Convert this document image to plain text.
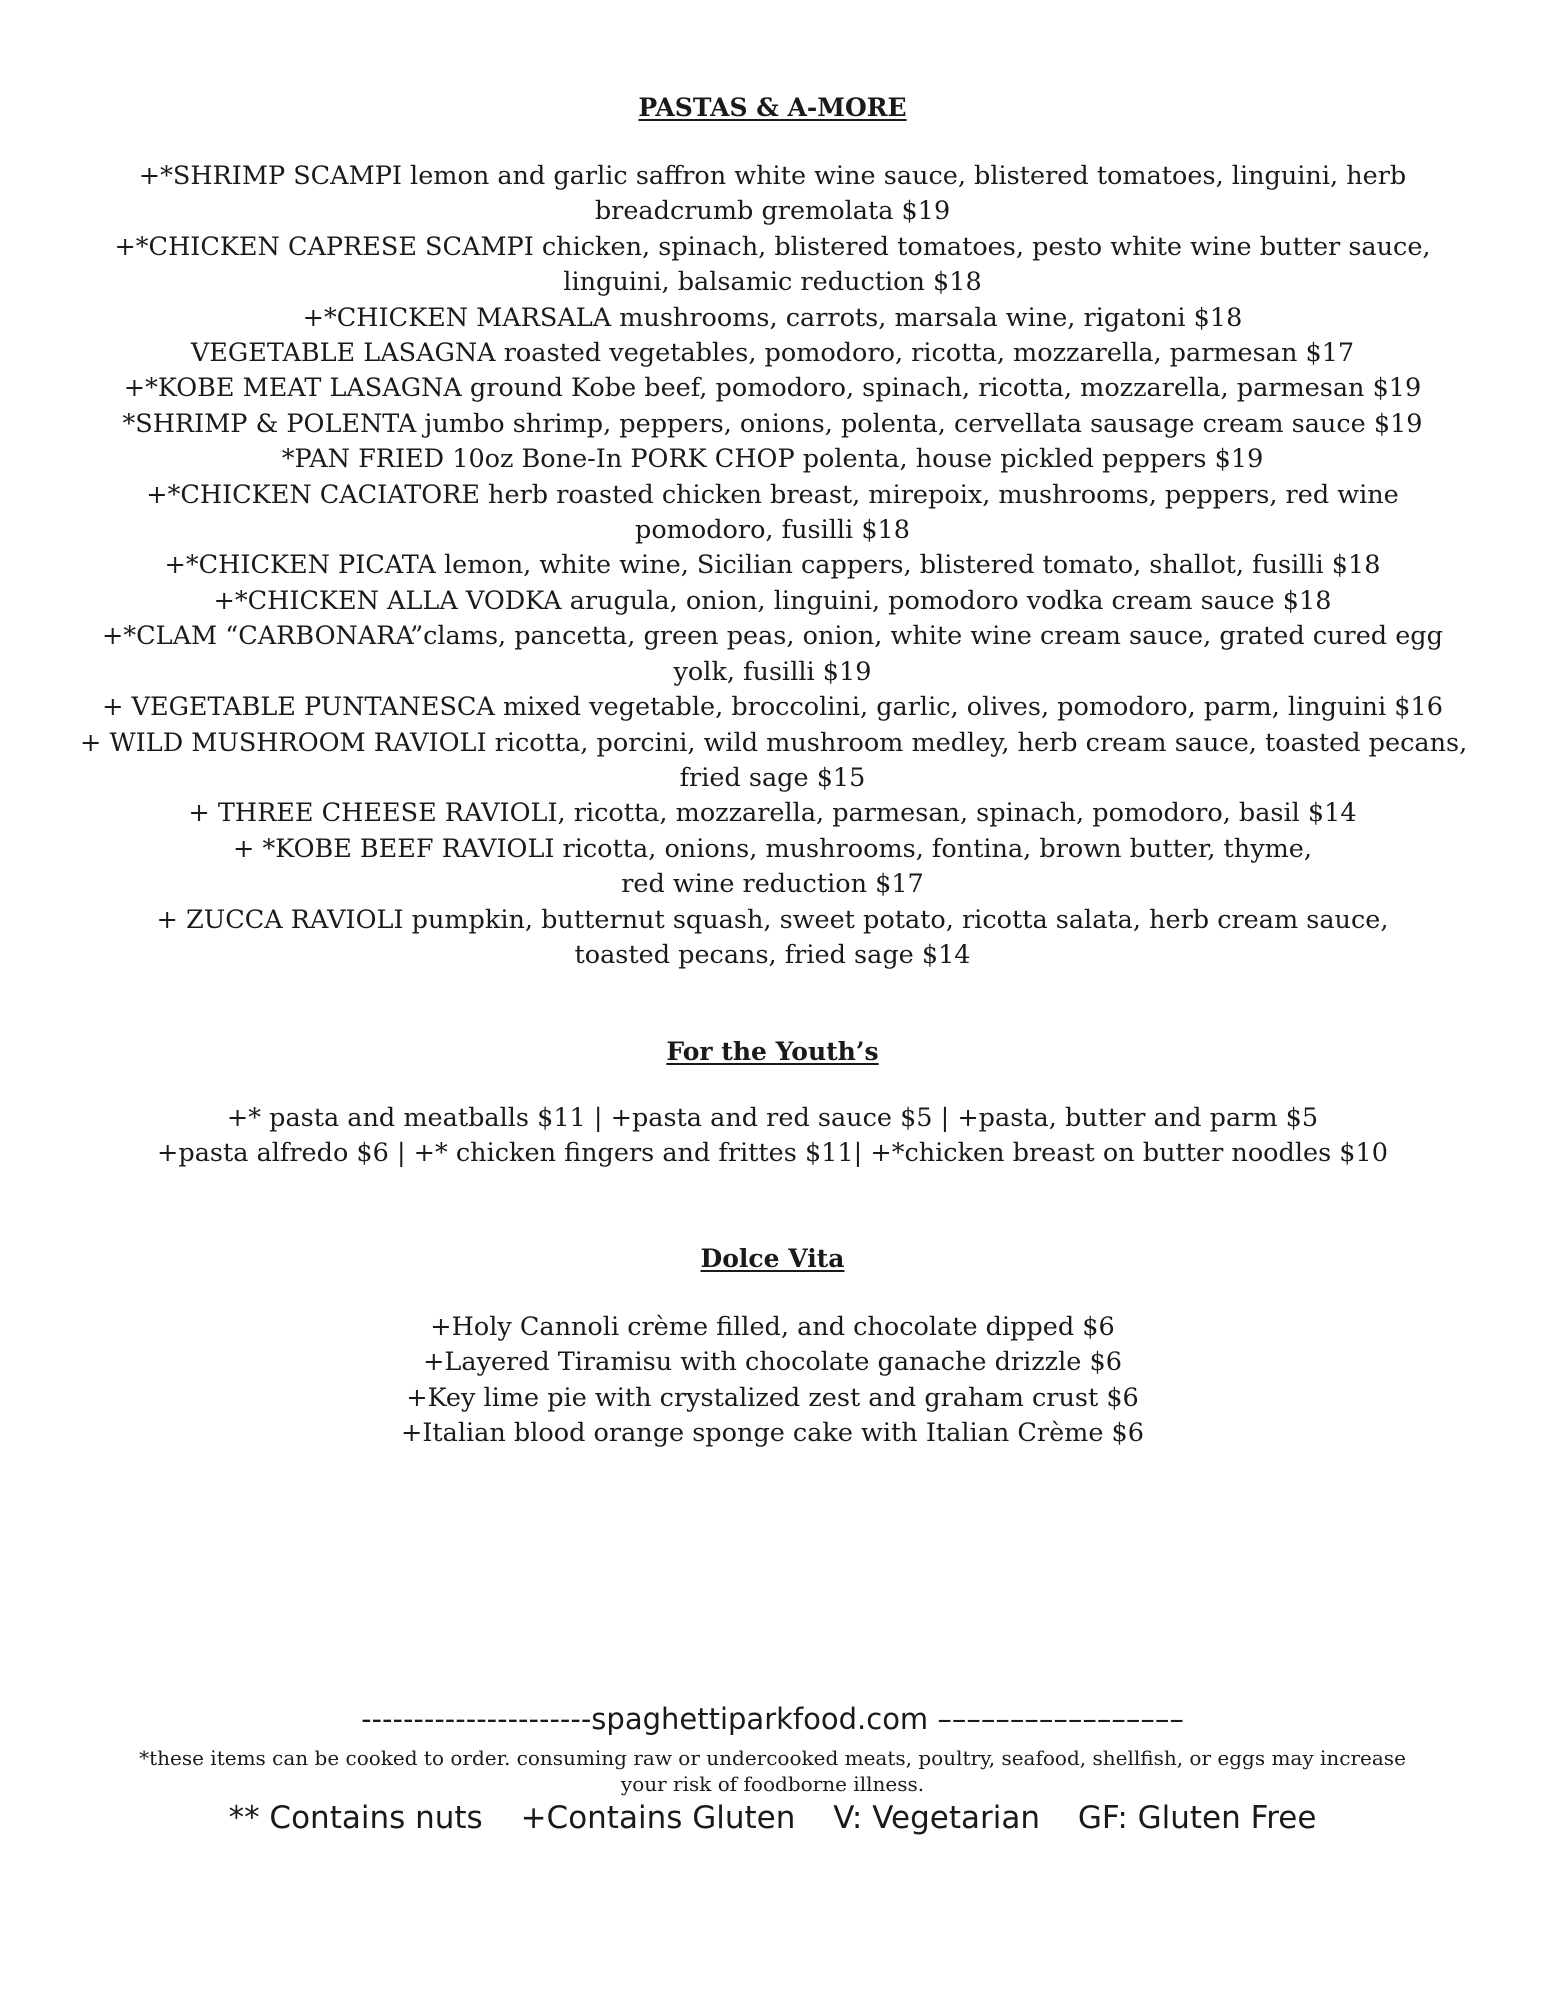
PASTAS & A-MORE

+*SHRIMP SCAMPI lemon and garlic saffron white wine sauce, blistered tomatoes, linguini, herb

breadcrumb gremolata $19

+*CHICKEN CAPRESE SCAMPI chicken, spinach, blistered tomatoes, pesto white wine butter sauce,

linguini, balsamic reduction $18

+*CHICKEN MARSALA mushrooms, carrots, marsala wine, rigatoni $18

VEGETABLE LASAGNA roasted vegetables, pomodoro, ricotta, mozzarella, parmesan $17

+*KOBE MEAT LASAGNA ground Kobe beef, pomodoro, spinach, ricotta, mozzarella, parmesan $19

*SHRIMP & POLENTA jumbo shrimp, peppers, onions, polenta, cervellata sausage cream sauce $19

*PAN FRIED 10oz Bone-In PORK CHOP polenta, house pickled peppers $19

+*CHICKEN CACIATORE herb roasted chicken breast, mirepoix, mushrooms, peppers, red wine

pomodoro, fusilli $18

+*CHICKEN PICATA lemon, white wine, Sicilian cappers, blistered tomato, shallot, fusilli $18

+*CHICKEN ALLA VODKA arugula, onion, linguini, pomodoro vodka cream sauce $18

+*CLAM “CARBONARA”clams, pancetta, green peas, onion, white wine cream sauce, grated cured egg

yolk, fusilli $19

+ VEGETABLE PUNTANESCA mixed vegetable, broccolini, garlic, olives, pomodoro, parm, linguini $16

+ WILD MUSHROOM RAVIOLI ricotta, porcini, wild mushroom medley, herb cream sauce, toasted pecans,

fried sage $15

+ THREE CHEESE RAVIOLI, ricotta, mozzarella, parmesan, spinach, pomodoro, basil $14

+ *KOBE BEEF RAVIOLI ricotta, onions, mushrooms, fontina, brown butter, thyme,

red wine reduction $17

+ ZUCCA RAVIOLI pumpkin, butternut squash, sweet potato, ricotta salata, herb cream sauce,

toasted pecans, fried sage $14

For the Youth’s

+* pasta and meatballs $11 | +pasta and red sauce $5 | +pasta, butter and parm $5

+pasta alfredo $6 | +* chicken fingers and frittes $11| +*chicken breast on butter noodles $10

Dolce Vita

+Holy Cannoli crème filled, and chocolate dipped $6

+Layered Tiramisu with chocolate ganache drizzle $6

+Key lime pie with crystalized zest and graham crust $6

+Italian blood orange sponge cake with Italian Crème $6

----------------------spaghettiparkfood.com –––––––––––––––––
*these items can be cooked to order. consuming raw or undercooked meats, poultry, seafood, shellfish, or eggs may increase
your risk of foodborne illness.
** Contains nuts +Contains Gluten V: Vegetarian GF: Gluten Free
